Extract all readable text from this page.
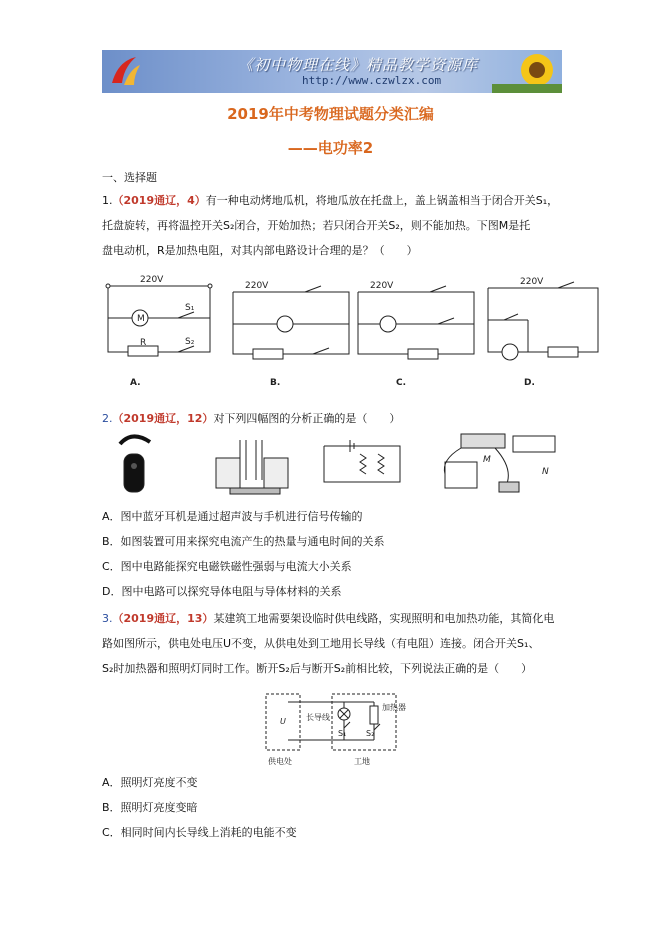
《初中物理在线》精品教学资源库
http://www.czwlzx.com
2019年中考物理试题分类汇编
——电功率2
一、选择题
1.（2019通辽，4）有一种电动烤地瓜机，将地瓜放在托盘上，盖上锅盖相当于闭合开关S₁，
托盘旋转，再将温控开关S₂闭合，开始加热；若只闭合开关S₂，则不能加热。下图M是托
盘电动机，R是加热电阻，对其内部电路设计合理的是？（　　）
220V
M
R
S₁
S₂
220V	220V	220V
A.	B.	C.	D.
2.（2019通辽，12）对下列四幅图的分析正确的是（　　）
M
N
A．图中蓝牙耳机是通过超声波与手机进行信号传输的
B．如图装置可用来探究电流产生的热量与通电时间的关系
C．图中电路能探究电磁铁磁性强弱与电流大小关系
D．图中电路可以探究导体电阻与导体材料的关系
3.（2019通辽，13）某建筑工地需要架设临时供电线路，实现照明和电加热功能，其简化电
路如图所示，供电处电压U不变，从供电处到工地用长导线（有电阻）连接。闭合开关S₁、
S₂时加热器和照明灯同时工作。断开S₂后与断开S₂前相比较，下列说法正确的是（　　）
U	长导线
加热器
S₁ S₂
供电处	工地
A．照明灯亮度不变
B．照明灯亮度变暗
C．相同时间内长导线上消耗的电能不变
